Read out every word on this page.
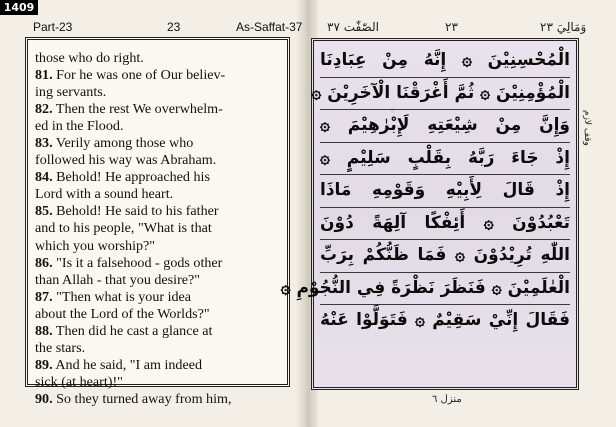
1409
Part-23	23	As-Saffat-37
those who do right.
81. For he was one of Our believ-
ing servants.
82. Then the rest We overwhelm-
ed in the Flood.
83. Verily among those who
followed his way was Abraham.
84. Behold! He approached his
Lord with a sound heart.
85. Behold! He said to his father
and to his people, "What is that
which you worship?"
86. "Is it a falsehood - gods other
than Allah - that you desire?"
87. "Then what is your idea
about the Lord of the Worlds?"
88. Then did he cast a glance at
the stars.
89. And he said, "I am indeed
sick (at heart)!"
90. So they turned away from him,
الصّٰفّٰت ٣٧	٢٣	وَمَالِيَ ٢٣
الْمُحْسِنِيْنَ ۞ إِنَّهُ مِنْ عِبَادِنَا
الْمُؤْمِنِيْنَ ۞ ثُمَّ أَغْرَقْنَا الْآخَرِيْنَ ۞
وَإِنَّ مِنْ شِيْعَتِهِ لَإِبْرٰهِيْمَ ۞
إِذْ جَاءَ رَبَّهُ بِقَلْبٍ سَلِيْمٍ ۞
إِذْ قَالَ لِأَبِيْهِ وَقَوْمِهِ مَاذَا
تَعْبُدُوْنَ ۞ أَئِفْكًا آلِهَةً دُوْنَ
اللّٰهِ تُرِيْدُوْنَ ۞ فَمَا ظَنُّكُمْ بِرَبِّ
الْعٰلَمِيْنَ ۞ فَنَظَرَ نَظْرَةً فِي النُّجُوْمِ ۞
فَقَالَ إِنِّيْ سَقِيْمٌ ۞ فَتَوَلَّوْا عَنْهُ
وقف لازم
منزل ٦
